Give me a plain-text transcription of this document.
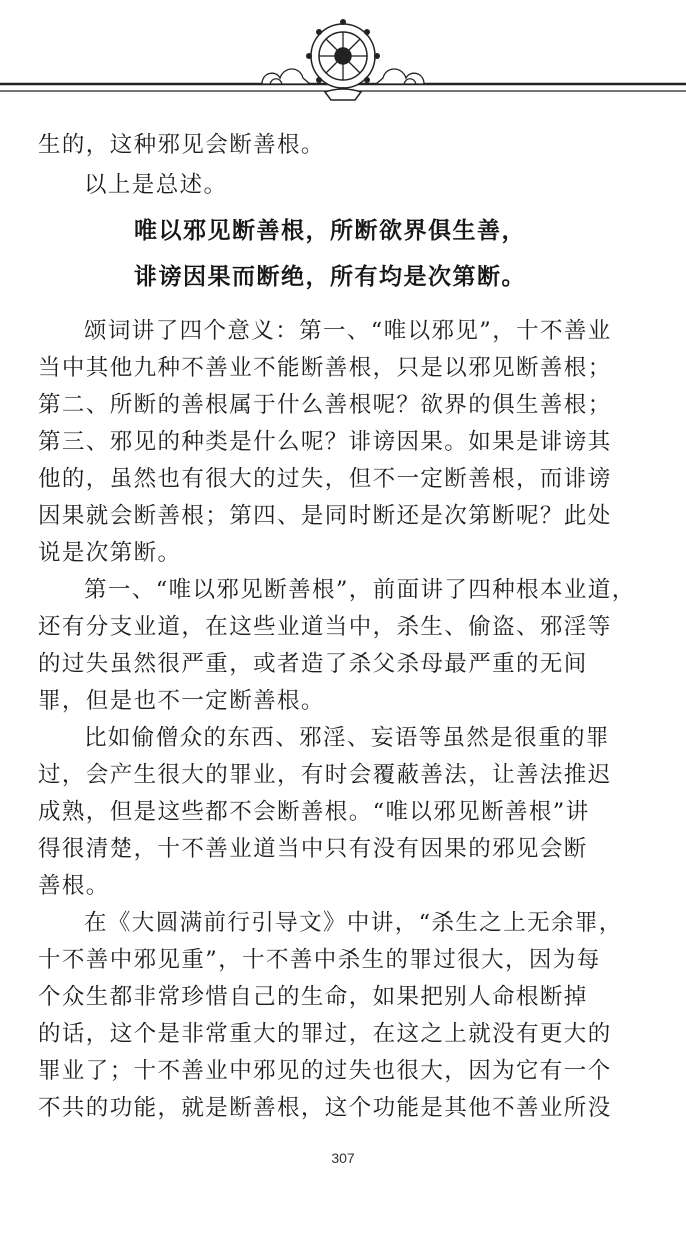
生的，这种邪见会断善根。

以上是总述。

唯以邪见断善根，所断欲界俱生善，

诽谤因果而断绝，所有均是次第断。

颂词讲了四个意义：第一、“唯以邪见”，十不善业

当中其他九种不善业不能断善根，只是以邪见断善根；

第二、所断的善根属于什么善根呢？欲界的俱生善根；

第三、邪见的种类是什么呢？诽谤因果。如果是诽谤其

他的，虽然也有很大的过失，但不一定断善根，而诽谤

因果就会断善根；第四、是同时断还是次第断呢？此处

说是次第断。

第一、“唯以邪见断善根”，前面讲了四种根本业道，

还有分支业道，在这些业道当中，杀生、偷盗、邪淫等

的过失虽然很严重，或者造了杀父杀母最严重的无间

罪，但是也不一定断善根。

比如偷僧众的东西、邪淫、妄语等虽然是很重的罪

过，会产生很大的罪业，有时会覆蔽善法，让善法推迟

成熟，但是这些都不会断善根。“唯以邪见断善根”讲

得很清楚，十不善业道当中只有没有因果的邪见会断

善根。

在《大圆满前行引导文》中讲，“杀生之上无余罪，

十不善中邪见重”，十不善中杀生的罪过很大，因为每

个众生都非常珍惜自己的生命，如果把别人命根断掉

的话，这个是非常重大的罪过，在这之上就没有更大的

罪业了；十不善业中邪见的过失也很大，因为它有一个

不共的功能，就是断善根，这个功能是其他不善业所没

307
